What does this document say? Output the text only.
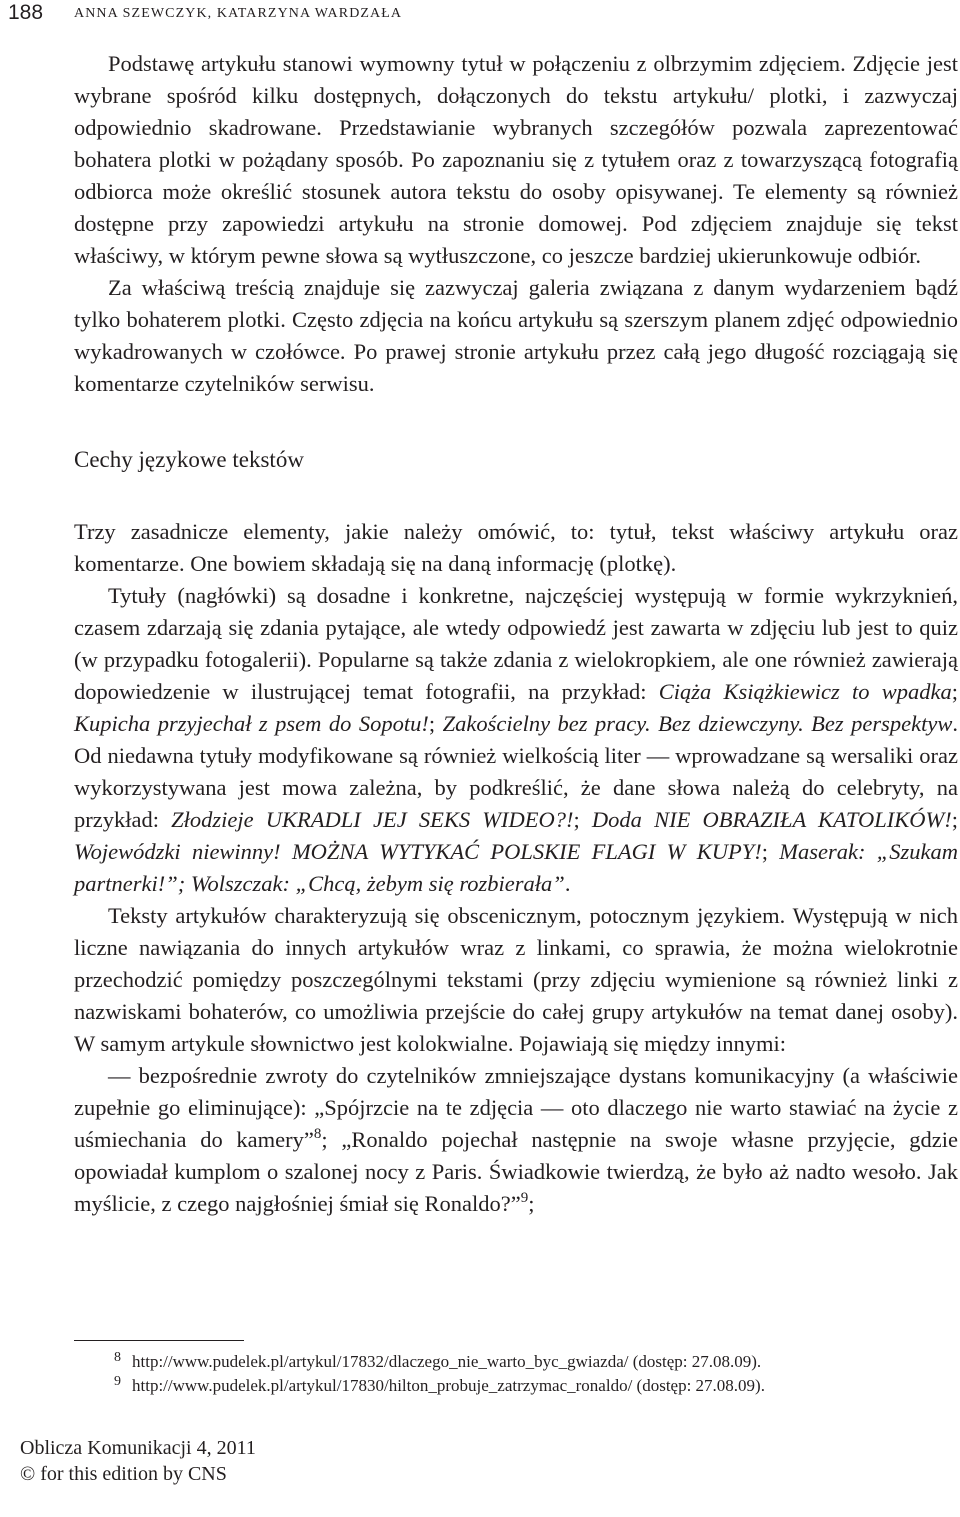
188 ANNA SZEWCZYK, KATARZYNA WARDZAŁA

Podstawę artykułu stanowi wymowny tytuł w połączeniu z olbrzymim zdjęciem. Zdjęcie jest wybrane spośród kilku dostępnych, dołączonych do tekstu artykułu/ plotki, i zazwyczaj odpowiednio skadrowane. Przedstawianie wybranych szczegółów pozwala zaprezentować bohatera plotki w pożądany sposób. Po zapoznaniu się z tytułem oraz z towarzyszącą fotografią odbiorca może określić stosunek autora tekstu do osoby opisywanej. Te elementy są również dostępne przy zapowiedzi artykułu na stronie domowej. Pod zdjęciem znajduje się tekst właściwy, w którym pewne słowa są wytłuszczone, co jeszcze bardziej ukierunkowuje odbiór.

Za właściwą treścią znajduje się zazwyczaj galeria związana z danym wydarzeniem bądź tylko bohaterem plotki. Często zdjęcia na końcu artykułu są szerszym planem zdjęć odpowiednio wykadrowanych w czołówce. Po prawej stronie artykułu przez całą jego długość rozciągają się komentarze czytelników serwisu.

Cechy językowe tekstów

Trzy zasadnicze elementy, jakie należy omówić, to: tytuł, tekst właściwy artykułu oraz komentarze. One bowiem składają się na daną informację (plotkę).

Tytuły (nagłówki) są dosadne i konkretne, najczęściej występują w formie wykrzyknień, czasem zdarzają się zdania pytające, ale wtedy odpowiedź jest zawarta w zdjęciu lub jest to quiz (w przypadku fotogalerii). Popularne są także zdania z wielokropkiem, ale one również zawierają dopowiedzenie w ilustrującej temat fotografii, na przykład: Ciąża Książkiewicz to wpadka; Kupicha przyjechał z psem do Sopotu!; Zakościelny bez pracy. Bez dziewczyny. Bez perspektyw. Od niedawna tytuły modyfikowane są również wielkością liter — wprowadzane są wersaliki oraz wykorzystywana jest mowa zależna, by podkreślić, że dane słowa należą do celebryty, na przykład: Złodzieje UKRADLI JEJ SEKS WIDEO?!; Doda NIE OBRAZIŁA KATOLIKÓW!; Wojewódzki niewinny! MOŻNA WYTYKAĆ POLSKIE FLAGI W KUPY!; Maserak: „Szukam partnerki!”; Wolszczak: „Chcą, żebym się rozbierała”.

Teksty artykułów charakteryzują się obscenicznym, potocznym językiem. Występują w nich liczne nawiązania do innych artykułów wraz z linkami, co sprawia, że można wielokrotnie przechodzić pomiędzy poszczególnymi tekstami (przy zdjęciu wymienione są również linki z nazwiskami bohaterów, co umożliwia przejście do całej grupy artykułów na temat danej osoby). W samym artykule słownictwo jest kolokwialne. Pojawiają się między innymi:

— bezpośrednie zwroty do czytelników zmniejszające dystans komunikacyjny (a właściwie zupełnie go eliminujące): „Spójrzcie na te zdjęcia — oto dlaczego nie warto stawiać na życie z uśmiechania do kamery”$^8$; „Ronaldo pojechał następnie na swoje własne przyjęcie, gdzie opowiadał kumplom o szalonej nocy z Paris. Świadkowie twierdzą, że było aż nadto wesoło. Jak myślicie, z czego najgłośniej śmiał się Ronaldo?”$^9$;

8 http://www.pudelek.pl/artykul/17832/dlaczego_nie_warto_byc_gwiazda/ (dostęp: 27.08.09).
9 http://www.pudelek.pl/artykul/17830/hilton_probuje_zatrzymac_ronaldo/ (dostęp: 27.08.09).
Oblicza Komunikacji 4, 2011
© for this edition by CNS
